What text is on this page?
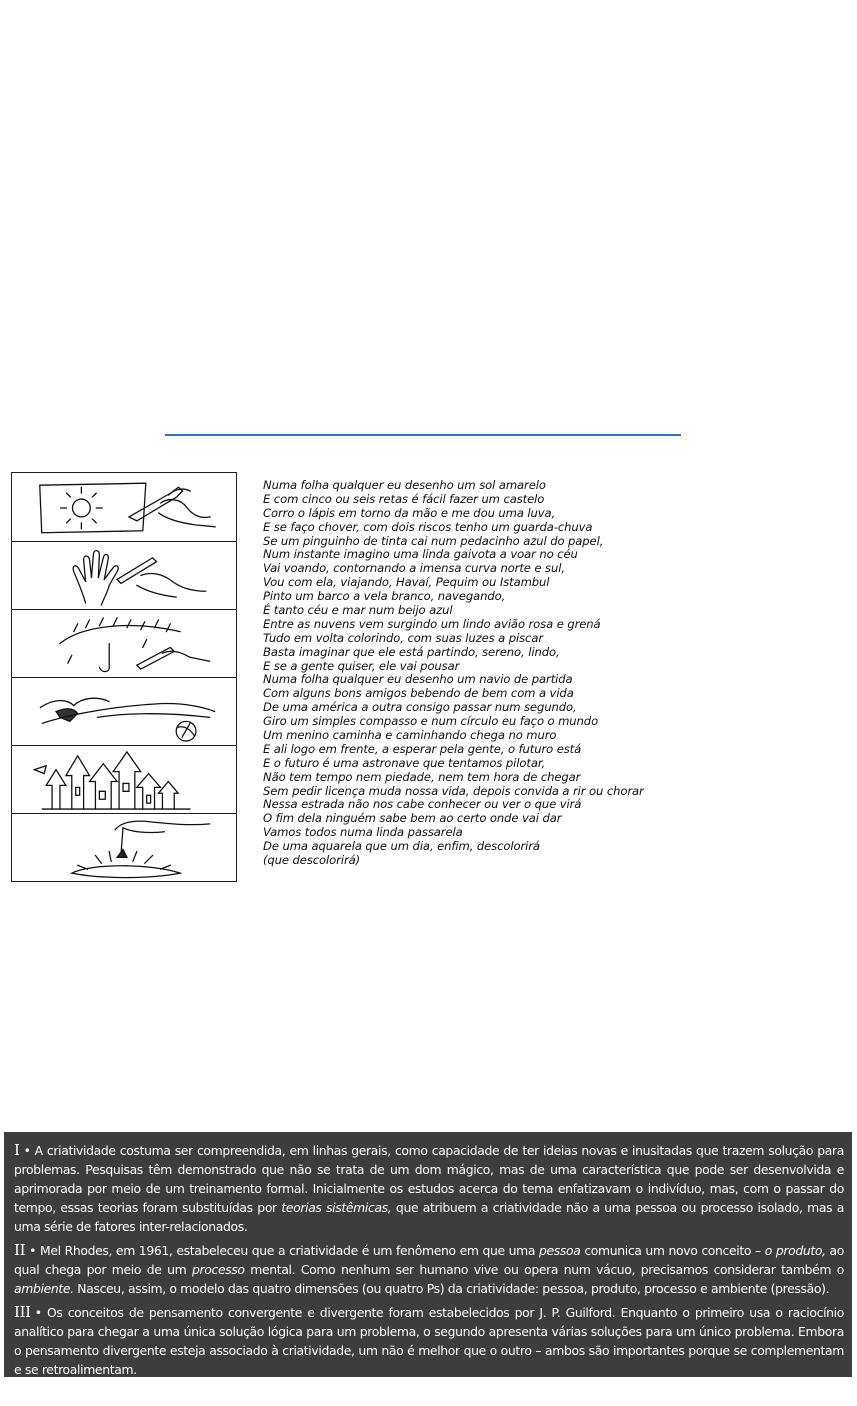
Numa folha qualquer eu desenho um sol amarelo
E com cinco ou seis retas é fácil fazer um castelo
Corro o lápis em torno da mão e me dou uma luva,
E se faço chover, com dois riscos tenho um guarda-chuva
Se um pinguinho de tinta cai num pedacinho azul do papel,
Num instante imagino uma linda gaivota a voar no céu
Vai voando, contornando a imensa curva norte e sul,
Vou com ela, viajando, Havaí, Pequim ou Istambul
Pinto um barco a vela branco, navegando,
É tanto céu e mar num beijo azul
Entre as nuvens vem surgindo um lindo avião rosa e grená
Tudo em volta colorindo, com suas luzes a piscar
Basta imaginar que ele está partindo, sereno, lindo,
E se a gente quiser, ele vai pousar
Numa folha qualquer eu desenho um navio de partida
Com alguns bons amigos bebendo de bem com a vida
De uma américa a outra consigo passar num segundo,
Giro um simples compasso e num círculo eu faço o mundo
Um menino caminha e caminhando chega no muro
E ali logo em frente, a esperar pela gente, o futuro está
E o futuro é uma astronave que tentamos pilotar,
Não tem tempo nem piedade, nem tem hora de chegar
Sem pedir licença muda nossa vida, depois convida a rir ou chorar
Nessa estrada não nos cabe conhecer ou ver o que virá
O fim dela ninguém sabe bem ao certo onde vai dar
Vamos todos numa linda passarela
De uma aquarela que um dia, enfim, descolorirá
(que descolorirá)

I • A criatividade costuma ser compreendida, em linhas gerais, como capacidade de ter ideias novas e inusitadas que trazem solução para problemas. Pesquisas têm demonstrado que não se trata de um dom mágico, mas de uma característica que pode ser desenvolvida e aprimorada por meio de um treinamento formal. Inicialmente os estudos acerca do tema enfatizavam o indivíduo, mas, com o passar do tempo, essas teorias foram substituídas por teorias sistêmicas, que atribuem a criatividade não a uma pessoa ou processo isolado, mas a uma série de fatores inter-relacionados.

II • Mel Rhodes, em 1961, estabeleceu que a criatividade é um fenômeno em que uma pessoa comunica um novo conceito – o produto, ao qual chega por meio de um processo mental. Como nenhum ser humano vive ou opera num vácuo, precisamos considerar também o ambiente. Nasceu, assim, o modelo das quatro dimensões (ou quatro Ps) da criatividade: pessoa, produto, processo e ambiente (pressão).

III • Os conceitos de pensamento convergente e divergente foram estabelecidos por J. P. Guilford. Enquanto o primeiro usa o raciocínio analítico para chegar a uma única solução lógica para um problema, o segundo apresenta várias soluções para um único problema. Embora o pensamento divergente esteja associado à criatividade, um não é melhor que o outro – ambos são importantes porque se complementam e se retroalimentam.
